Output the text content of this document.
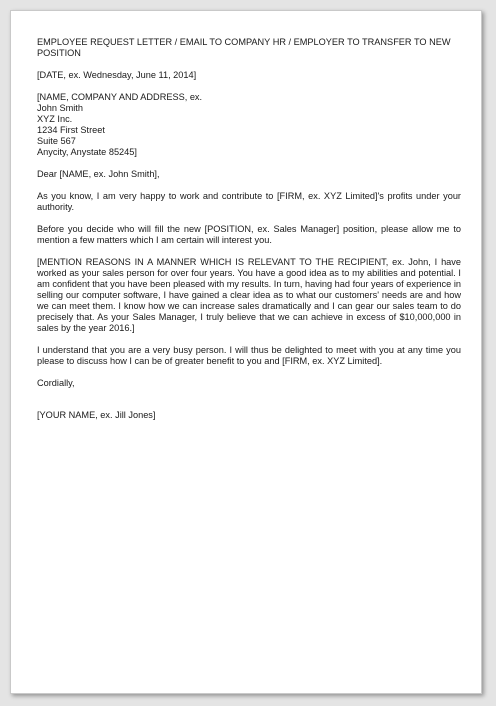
EMPLOYEE REQUEST LETTER / EMAIL TO COMPANY HR / EMPLOYER TO TRANSFER TO NEW POSITION

[DATE, ex. Wednesday, June 11, 2014]

[NAME, COMPANY AND ADDRESS, ex.
John Smith
XYZ Inc.
1234 First Street
Suite 567
Anycity, Anystate 85245]

Dear [NAME, ex. John Smith],

As you know, I am very happy to work and contribute to [FIRM, ex. XYZ Limited]'s profits under your authority.

Before you decide who will fill the new [POSITION, ex. Sales Manager] position, please allow me to mention a few matters which I am certain will interest you.

[MENTION REASONS IN A MANNER WHICH IS RELEVANT TO THE RECIPIENT, ex. John, I have worked as your sales person for over four years. You have a good idea as to my abilities and potential. I am confident that you have been pleased with my results. In turn, having had four years of experience in selling our computer software, I have gained a clear idea as to what our customers' needs are and how we can meet them. I know how we can increase sales dramatically and I can gear our sales team to do precisely that. As your Sales Manager, I truly believe that we can achieve in excess of $10,000,000 in sales by the year 2016.]

I understand that you are a very busy person. I will thus be delighted to meet with you at any time you please to discuss how I can be of greater benefit to you and [FIRM, ex. XYZ Limited].

Cordially,

[YOUR NAME, ex. Jill Jones]
